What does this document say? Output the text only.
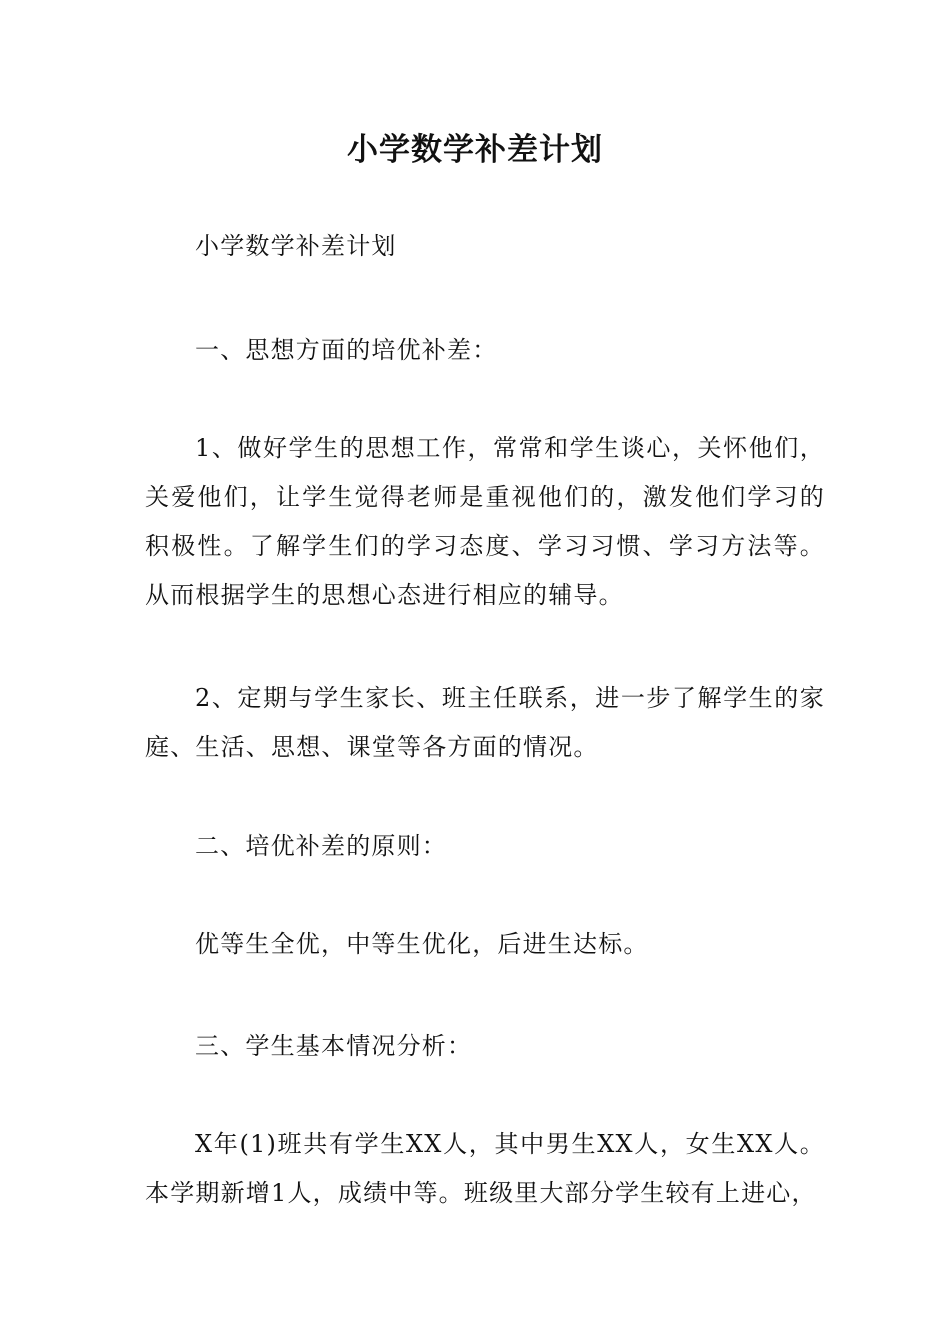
小学数学补差计划

小学数学补差计划

一、思想方面的培优补差：

1、做好学生的思想工作，常常和学生谈心，关怀他们，关爱他们，让学生觉得老师是重视他们的，激发他们学习的积极性。了解学生们的学习态度、学习习惯、学习方法等。从而根据学生的思想心态进行相应的辅导。

2、定期与学生家长、班主任联系，进一步了解学生的家庭、生活、思想、课堂等各方面的情况。

二、培优补差的原则：

优等生全优，中等生优化，后进生达标。

三、学生基本情况分析：

X年(1)班共有学生XX人，其中男生XX人，女生XX人。本学期新增1人，成绩中等。班级里大部分学生较有上进心，
